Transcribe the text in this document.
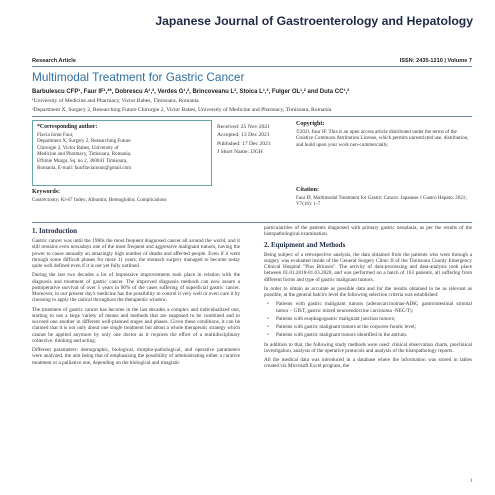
Japanese Journal of Gastroenterology and Hepatology
Research Article	ISSN: 2435-1210 | Volume 7
Multimodal Treatment for Gastric Cancer
Barbulescu CFP¹, Faur IF¹,²*, Dobrescu A¹,², Verdes G¹,², Brincoveanu L², Stoica L¹,², Fulger OL¹,² and Duta CC¹,²
¹University of Medicine and Pharmacy, Victor Babes, Timisoara, Romania
²Department X, Surgery 2, Researching Future Chirurgie 2, Victor Babes, University of Medicine and Pharmacy, Timisoara, Romania
*Corresponding author:
Flavia Ionut Faur,
Department X, Surgery 2, Researching Future
Chirurgie 2, Victor Babes, University of
Medicine and Pharmacy, Timisoara, Romania,
Eftimie Murgu, Sq. no 2, 300041 Timisoara,
Romania, E-mail: faurflaviaionut@gmail.com
Received: 25 Nov 2021
Accepted: 13 Dec 2021
Published: 17 Dec 2021
J Short Name: JJGH
Copyright:
©2021 Faur IF. This is an open access article distributed under the terms of the Creative Commons Attribution License, which permits unrestricted use, distribution, and build upon your work non-commercially.
Keywords:
Gastrectomy; Ki-67 Index; Albumin; Hemoglobin; Complications
Citation:
Faur IF, Multimodal Treatment for Gastric Cancer. Japanese J Gastro Hepato. 2021; V7(16): 1-7
1. Introduction

Gastric cancer was until the 1980s the most frequent diagnosed cancer all around the world, and it still remains even nowadays one of the most frequent and aggressive malignant tumors, having the power to cause annually an amazingly high number of deaths and affected people. Even if it went through some difficult phases for more 11 years, the stomach surgery managed to become today quite well defined even if it is not yet fully outlined.

During the last two decades a lot of impressive improvements took place in relation with the diagnosis and treatment of gastric cancer. The improved diagnosis methods can now assure a postoperative survival of over 5 years in 90% of the cases suffering of superficial gastric cancer. Moreover, in our present day's medicine has the possibility to control it very well or even cure it by choosing to apply the radical throughout the therapeutic window.

The treatment of gastric cancer has become in the last decades a complex and individualized one, starting to use a large variety of means and methods that are supposed to be combined and to succeed one another in different well-planned stages and phases. Given these conditions, it can be claimed that it is not only about one single treatment but about a whole therapeutic strategy which cannot be applied anymore by only one doctor as it requires the effort of a multidisciplinary collective, thinking and acting.

Different parameters: demographic, biological, morpho-pathological, and operative parameters were analyzed, the aim being that of emphasizing the possibility of administrating either a curative treatment or a palliative one, depending on the biological and imagistic

particularities of the patients diagnosed with primary gastric neoplasia, as per the results of the histopathological examination.

2. Equipment and Methods

Being subject of a retrospective analysis, the data obtained from the patients who went through a surgery was evaluated inside of the General Surgery Clinic II of the Timisoara County Emergency Clinical Hospital "Pius Brinzeu". The activity of data-processing and data-analysis took place between 01.01.2018-01.03.2020, and was performed on a batch of 163 patients, all suffering from different forms and type of gastric malignant tumors.

In order to obtain as accurate as possible data and for the results obtained to be as relevant as possible, at the general batch's level the following selection criteria was established:

• Patients with gastric malignant tumors (adenocarcinomas-ADK; gastrointestinal stromal tumor – GIST, gastric mixed neuroendocrine carcinoma -NEC/T);
• Patients with esophagogastric malignant junction tumors;
• Patients with gastric malignant tumors at the corporeo-fundic level;
• Patients with gastric malignant tumors identified in the antrum.

In addition to that, the following study methods were used: clinical observation charts, preclinical investigation, analysis of the operative protocols and analysis of the histopathology reports.

All the medical data was introduced in a database where the information was stored in tables created via Microsoft Excel program, the

1
